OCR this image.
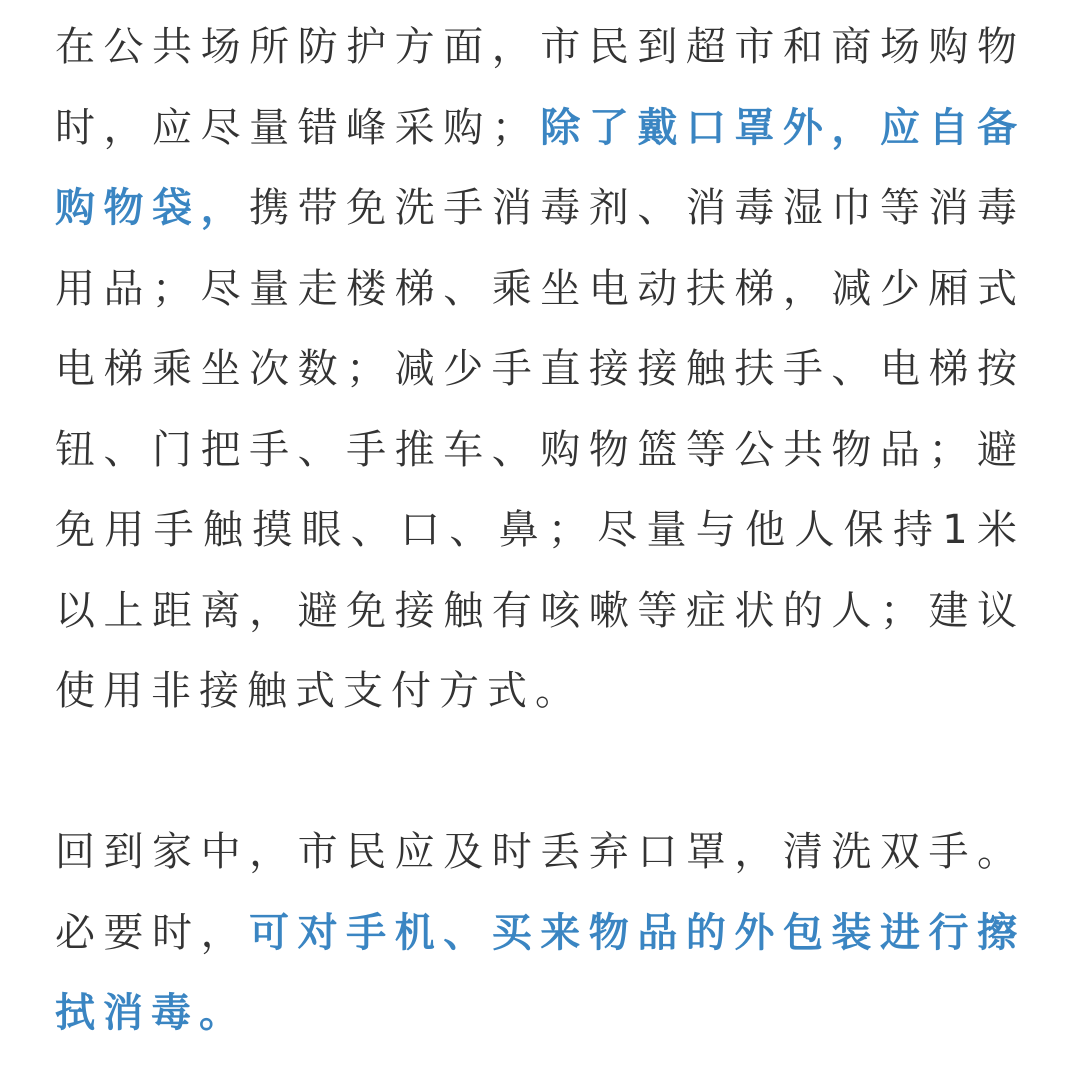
在公共场所防护方面，市民到超市和商场购物时，应尽量错峰采购；除了戴口罩外，应自备购物袋，携带免洗手消毒剂、消毒湿巾等消毒用品；尽量走楼梯、乘坐电动扶梯，减少厢式电梯乘坐次数；减少手直接接触扶手、电梯按钮、门把手、手推车、购物篮等公共物品；避免用手触摸眼、口、鼻；尽量与他人保持1米以上距离，避免接触有咳嗽等症状的人；建议使用非接触式支付方式。

回到家中，市民应及时丢弃口罩，清洗双手。必要时，可对手机、买来物品的外包装进行擦拭消毒。
